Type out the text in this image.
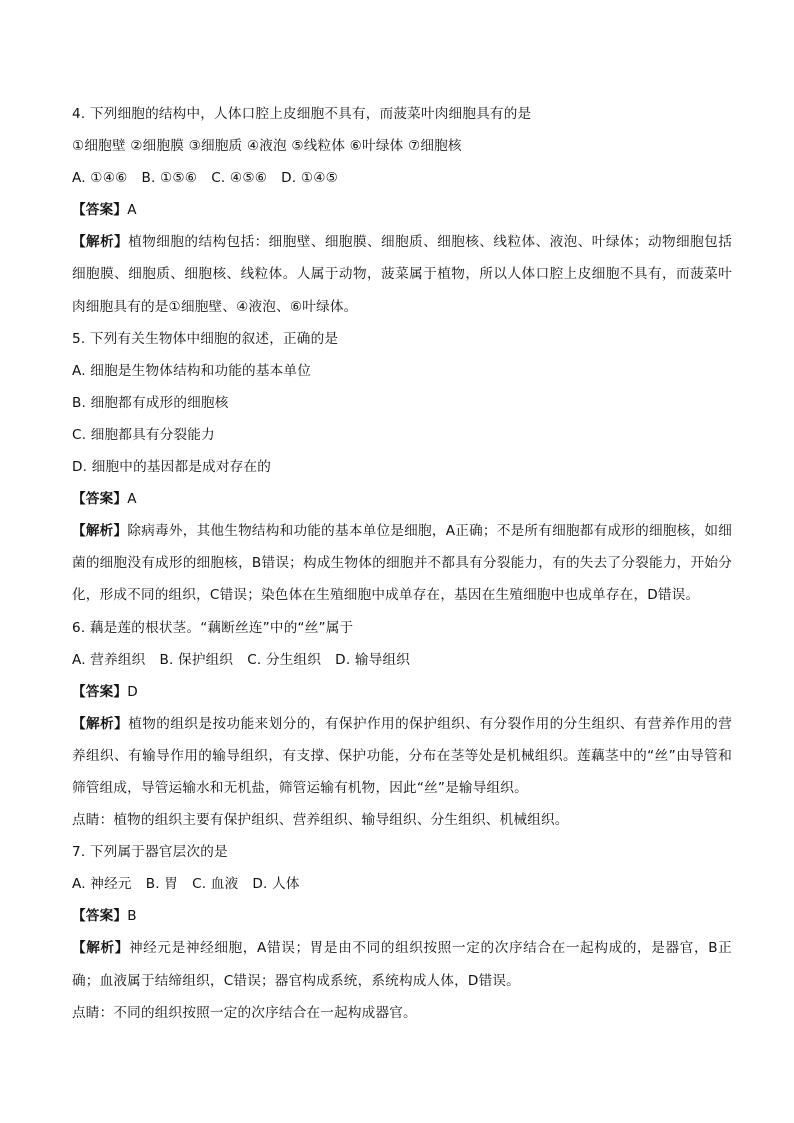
4. 下列细胞的结构中，人体口腔上皮细胞不具有，而菠菜叶肉细胞具有的是
①细胞壁 ②细胞膜 ③细胞质 ④液泡 ⑤线粒体 ⑥叶绿体 ⑦细胞核
A. ①④⑥ B. ①⑤⑥ C. ④⑤⑥ D. ①④⑤
【答案】A
【解析】植物细胞的结构包括：细胞壁、细胞膜、细胞质、细胞核、线粒体、液泡、叶绿体；动物细胞包括细胞膜、细胞质、细胞核、线粒体。人属于动物，菠菜属于植物，所以人体口腔上皮细胞不具有，而菠菜叶肉细胞具有的是①细胞壁、④液泡、⑥叶绿体。
5. 下列有关生物体中细胞的叙述，正确的是
A. 细胞是生物体结构和功能的基本单位
B. 细胞都有成形的细胞核
C. 细胞都具有分裂能力
D. 细胞中的基因都是成对存在的
【答案】A
【解析】除病毒外，其他生物结构和功能的基本单位是细胞，A正确；不是所有细胞都有成形的细胞核，如细菌的细胞没有成形的细胞核，B错误；构成生物体的细胞并不都具有分裂能力，有的失去了分裂能力，开始分化，形成不同的组织，C错误；染色体在生殖细胞中成单存在，基因在生殖细胞中也成单存在，D错误。
6. 藕是莲的根状茎。“藕断丝连”中的“丝”属于
A. 营养组织 B. 保护组织 C. 分生组织 D. 输导组织
【答案】D
【解析】植物的组织是按功能来划分的，有保护作用的保护组织、有分裂作用的分生组织、有营养作用的营养组织、有输导作用的输导组织，有支撑、保护功能，分布在茎等处是机械组织。莲藕茎中的“丝”由导管和筛管组成，导管运输水和无机盐，筛管运输有机物，因此“丝”是输导组织。
点睛：植物的组织主要有保护组织、营养组织、输导组织、分生组织、机械组织。
7. 下列属于器官层次的是
A. 神经元 B. 胃 C. 血液 D. 人体
【答案】B
【解析】神经元是神经细胞，A错误；胃是由不同的组织按照一定的次序结合在一起构成的，是器官，B正确；血液属于结缔组织，C错误；器官构成系统，系统构成人体，D错误。
点睛：不同的组织按照一定的次序结合在一起构成器官。
